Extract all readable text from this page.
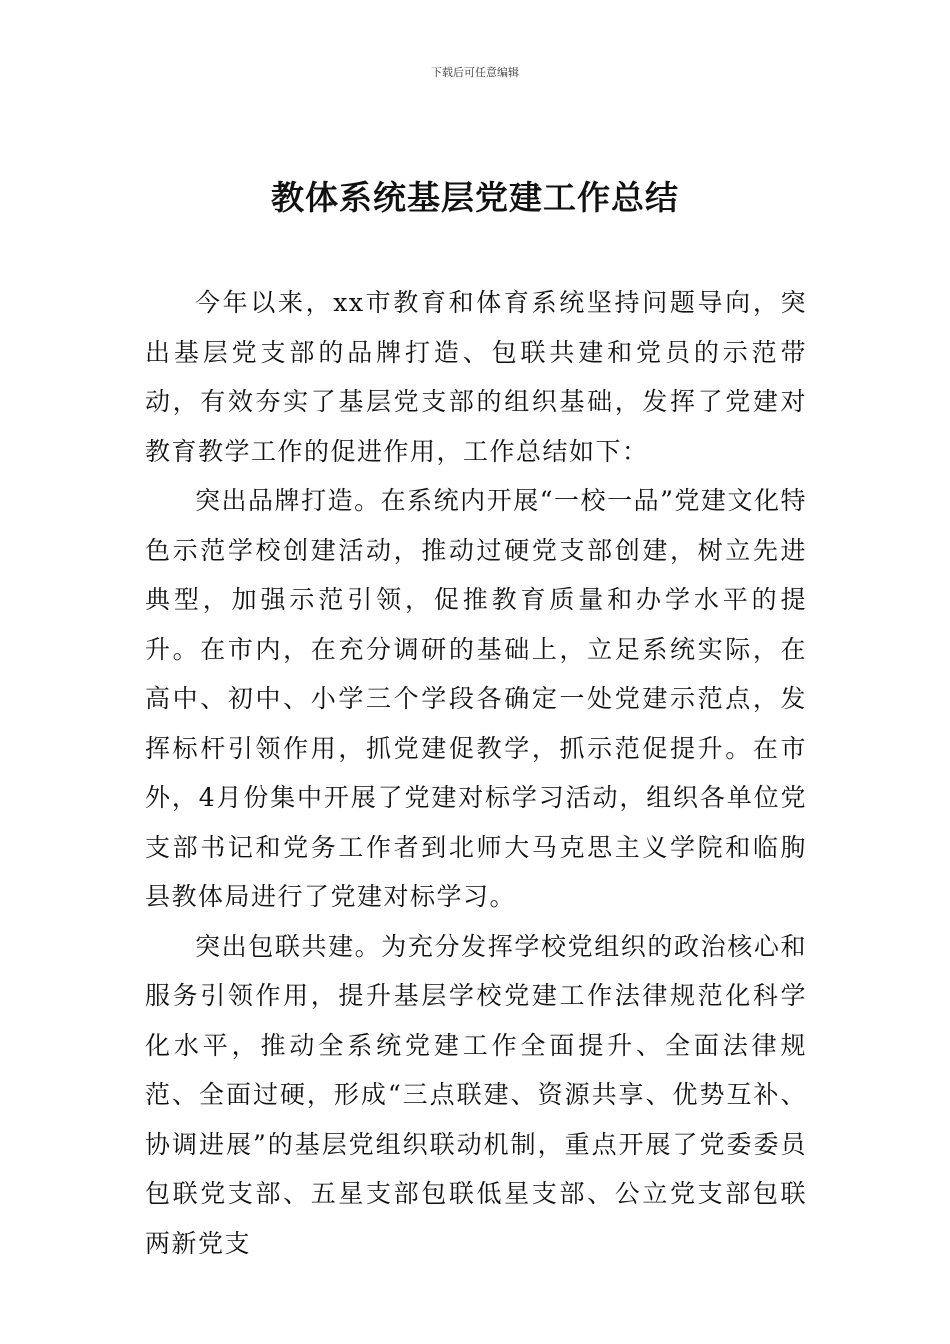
下载后可任意编辑
教体系统基层党建工作总结

今年以来，xx市教育和体育系统坚持问题导向，突出基层党支部的品牌打造、包联共建和党员的示范带动，有效夯实了基层党支部的组织基础，发挥了党建对教育教学工作的促进作用，工作总结如下：

突出品牌打造。在系统内开展“一校一品”党建文化特色示范学校创建活动，推动过硬党支部创建，树立先进典型，加强示范引领，促推教育质量和办学水平的提升。在市内，在充分调研的基础上，立足系统实际，在高中、初中、小学三个学段各确定一处党建示范点，发挥标杆引领作用，抓党建促教学，抓示范促提升。在市外，4月份集中开展了党建对标学习活动，组织各单位党支部书记和党务工作者到北师大马克思主义学院和临朐县教体局进行了党建对标学习。

突出包联共建。为充分发挥学校党组织的政治核心和服务引领作用，提升基层学校党建工作法律规范化科学化水平，推动全系统党建工作全面提升、全面法律规范、全面过硬，形成“三点联建、资源共享、优势互补、协调进展”的基层党组织联动机制，重点开展了党委委员包联党支部、五星支部包联低星支部、公立党支部包联两新党支
